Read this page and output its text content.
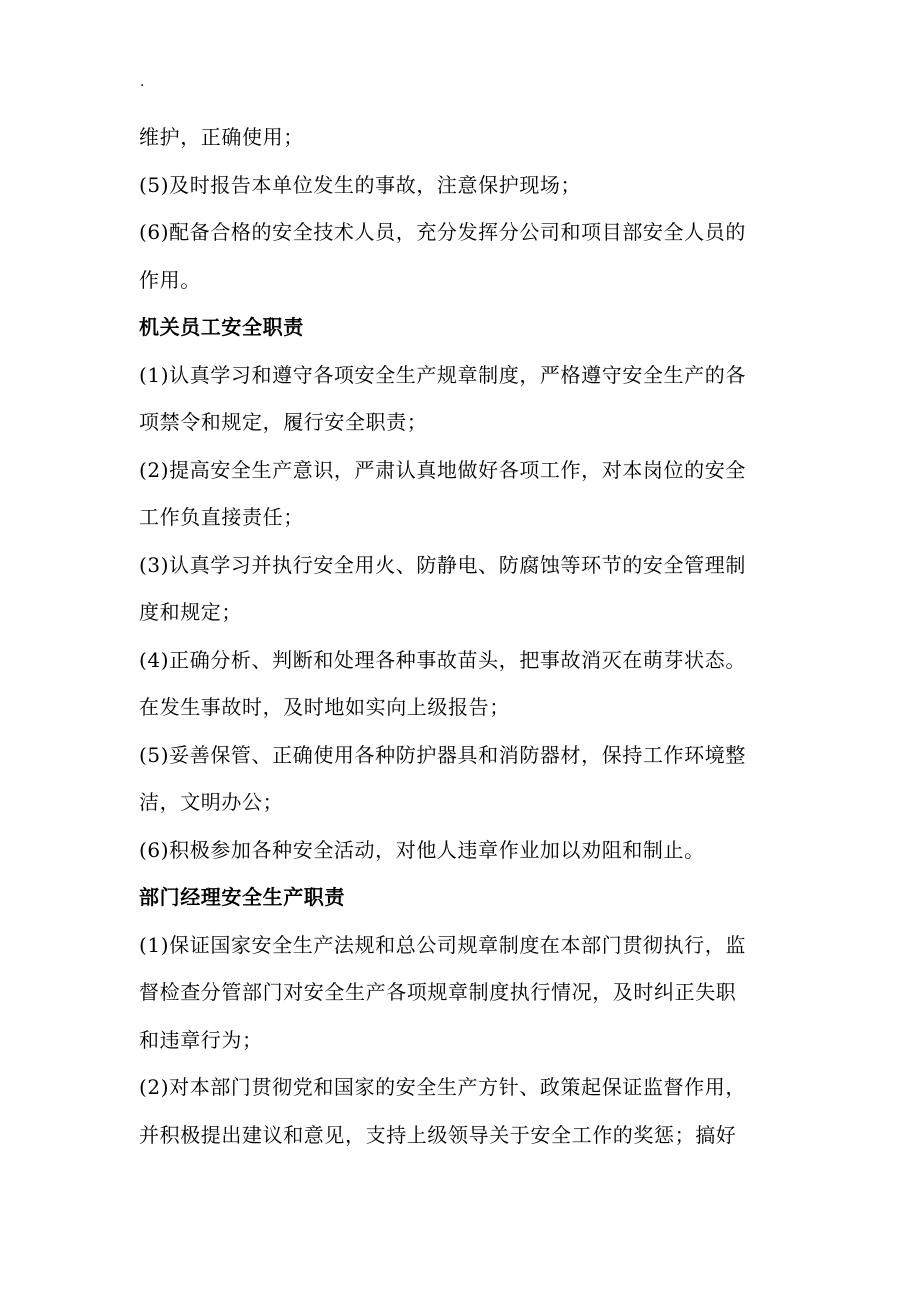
.
维护，正确使用；
(5)及时报告本单位发生的事故，注意保护现场；
(6)配备合格的安全技术人员，充分发挥分公司和项目部安全人员的
作用。
机关员工安全职责
(1)认真学习和遵守各项安全生产规章制度，严格遵守安全生产的各
项禁令和规定，履行安全职责；
(2)提高安全生产意识，严肃认真地做好各项工作，对本岗位的安全
工作负直接责任；
(3)认真学习并执行安全用火、防静电、防腐蚀等环节的安全管理制
度和规定；
(4)正确分析、判断和处理各种事故苗头，把事故消灭在萌芽状态。
在发生事故时，及时地如实向上级报告；
(5)妥善保管、正确使用各种防护器具和消防器材，保持工作环境整
洁，文明办公；
(6)积极参加各种安全活动，对他人违章作业加以劝阻和制止。
部门经理安全生产职责
(1)保证国家安全生产法规和总公司规章制度在本部门贯彻执行，监
督检查分管部门对安全生产各项规章制度执行情况，及时纠正失职
和违章行为；
(2)对本部门贯彻党和国家的安全生产方针、政策起保证监督作用，
并积极提出建议和意见，支持上级领导关于安全工作的奖惩；搞好
